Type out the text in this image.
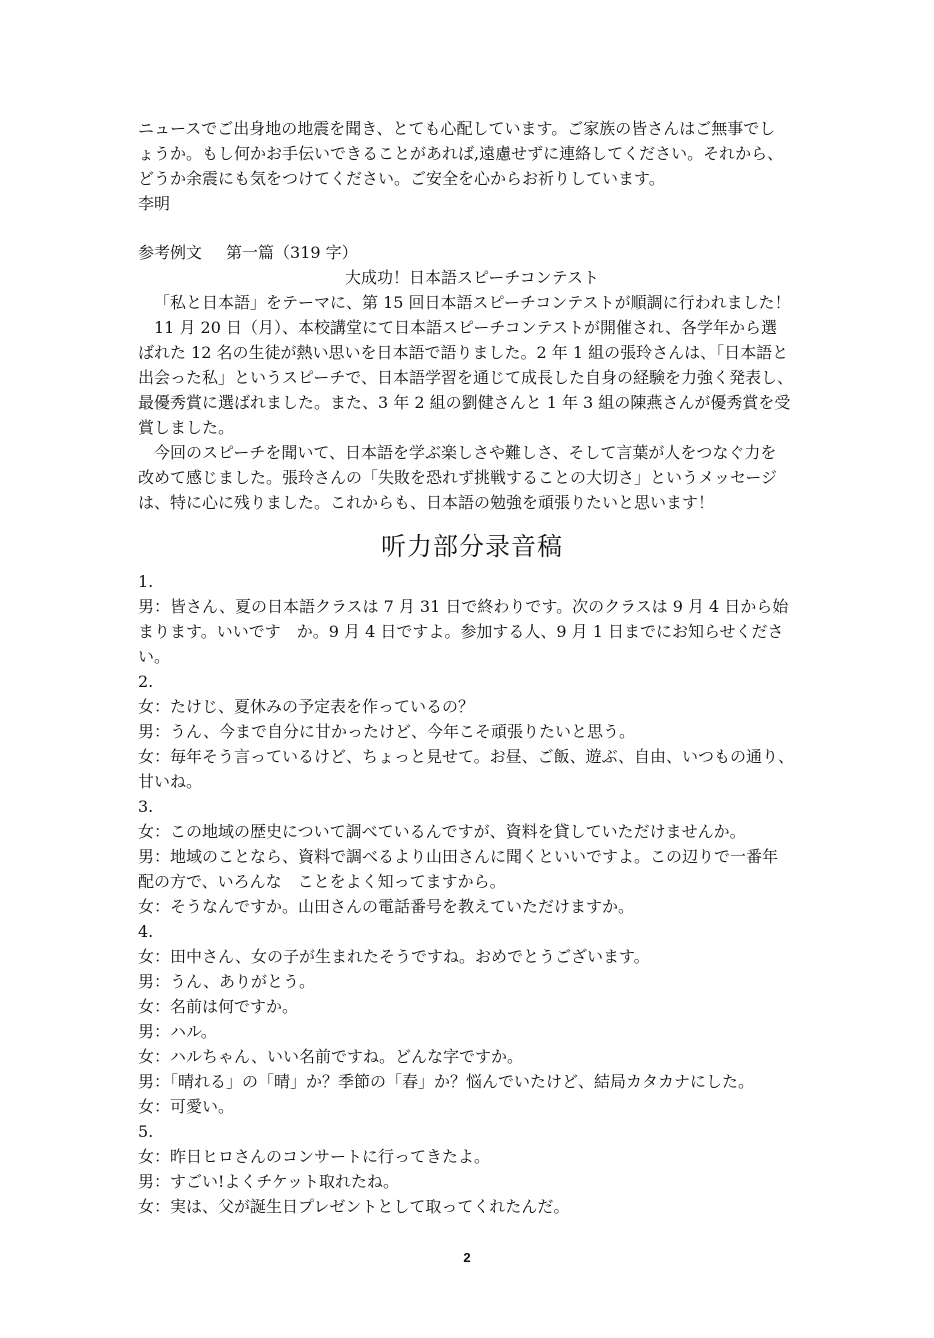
ニュースでご出身地の地震を聞き、とても心配しています。ご家族の皆さんはご無事でし
ょうか。もし何かお手伝いできることがあれば,遠慮せずに連絡してください。それから、
どうか余震にも気をつけてください。ご安全を心からお祈りしています。
李明
参考例文 第一篇（319 字）
大成功！日本語スピーチコンテスト
「私と日本語」をテーマに、第 15 回日本語スピーチコンテストが順調に行われました！
11 月 20 日（月）、本校講堂にて日本語スピーチコンテストが開催され、各学年から選
ばれた 12 名の生徒が熱い思いを日本語で語りました。2 年 1 組の張玲さんは、「日本語と
出会った私」というスピーチで、日本語学習を通じて成長した自身の経験を力強く発表し、
最優秀賞に選ばれました。また、3 年 2 組の劉健さんと 1 年 3 組の陳燕さんが優秀賞を受
賞しました。
今回のスピーチを聞いて、日本語を学ぶ楽しさや難しさ、そして言葉が人をつなぐ力を
改めて感じました。張玲さんの「失敗を恐れず挑戦することの大切さ」というメッセージ
は、特に心に残りました。これからも、日本語の勉強を頑張りたいと思います！
听力部分录音稿
1.
男：皆さん、夏の日本語クラスは 7 月 31 日で終わりです。次のクラスは 9 月 4 日から始
まります。いいです　か。9 月 4 日ですよ。参加する人、9 月 1 日までにお知らせくださ
い。
2.
女：たけじ、夏休みの予定表を作っているの？
男：うん、今まで自分に甘かったけど、今年こそ頑張りたいと思う。
女：毎年そう言っているけど、ちょっと見せて。お昼、ご飯、遊ぶ、自由、いつもの通り、
甘いね。
3.
女：この地域の歴史について調べているんですが、資料を貸していただけませんか。
男：地域のことなら、資料で調べるより山田さんに聞くといいですよ。この辺りで一番年
配の方で、いろんな　ことをよく知ってますから。
女：そうなんですか。山田さんの電話番号を教えていただけますか。
4.
女：田中さん、女の子が生まれたそうですね。おめでとうございます。
男：うん、ありがとう。
女：名前は何ですか。
男：ハル。
女：ハルちゃん、いい名前ですね。どんな字ですか。
男：「晴れる」の「晴」か？季節の「春」か？悩んでいたけど、結局カタカナにした。
女：可愛い。
5.
女：昨日ヒロさんのコンサートに行ってきたよ。
男：すごい!よくチケット取れたね。
女：実は、父が誕生日プレゼントとして取ってくれたんだ。
2
